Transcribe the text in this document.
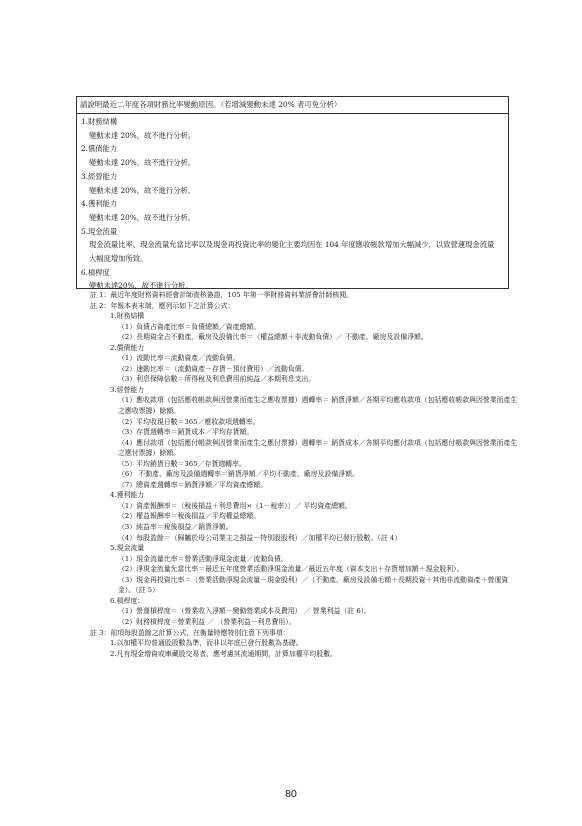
請說明最近二年度各項財務比率變動原因。（若增減變動未達 20% 者可免分析）
1.財務結構
變動未達 20%，故不進行分析。
2.償債能力
變動未達 20%，故不進行分析。
3.經營能力
變動未達 20%，故不進行分析。
4.獲利能力
變動未達 20%，故不進行分析。
5.現金流量
現金流量比率、現金流量允當比率以及現金再投資比率的變化主要均因在 104 年度應收帳款增加大幅減少，以致營運現金流量大幅度增加所致。
6.槓桿度
變動未達20%，故不進行分析。
註 1：最近年度財務資料經會計師查核簽證，105 年第一季財務資料業經會計師核閱。
註 2：年報本表末端，應列示如下之計算公式：
1.財務結構
（1）負債占資產比率＝負債總額／資產總額。
（2）長期資金占不動產、廠房及設備比率＝（權益總額＋非流動負債）／ 不動產、廠房及設備淨額。
2.償債能力
（1）流動比率＝流動資產／流動負債。
（2）速動比率＝（流動資產－存貨－預付費用）／流動負債。
（3）利息保障倍數＝所得稅及利息費用前純益／本期利息支出。
3.經營能力
（1）應收款項（包括應收帳款與因營業而產生之應收票據）週轉率＝ 銷貨淨額／各期平均應收款項（包括應收帳款與因營業而產生之應收票據）餘額。
（2）平均收現日數＝365／應收款項週轉率。
（3）存貨週轉率＝銷貨成本／平均存貨額。
（4）應付款項（包括應付帳款與因營業而產生之應付票據）週轉率＝ 銷貨成本／各期平均應付款項（包括應付帳款與因營業而產生之應付票據）餘額。
（5）平均銷貨日數＝365／存貨週轉率。
（6） 不動產、廠房及設備週轉率＝銷貨淨額／平均不動產、廠房及設備淨額。
（7）總資產週轉率＝銷貨淨額／平均資產總額。
4.獲利能力
（1）資產報酬率＝〔稅後損益＋利息費用×（1－稅率）〕／ 平均資產總額。
（2）權益報酬率＝稅後損益／平均權益總額。
（3）純益率＝稅後損益／銷貨淨額。
（4）每股盈餘＝（歸屬於母公司業主之損益－特別股股利）／加權平均已發行股數。（註 4）
5.現金流量
（1）現金流量比率＝營業活動淨現金流量／流動負債。
（2）淨現金流量允當比率＝最近五年度營業活動淨現金流量／最近五年度（資本支出＋存貨增加額＋現金股利）。
（3）現金再投資比率＝（營業活動淨現金流量－現金股利）／（不動產、廠房及設備毛額＋長期投資＋其他非流動資產＋營運資金）。（註 5）
6.槓桿度：
（1）營運槓桿度＝（營業收入淨額－變動營業成本及費用） ／ 營業利益（註 6）。
（2）財務槓桿度＝營業利益 ／ （營業利益－利息費用）。
註 3：前項每股盈餘之計算公式，在衡量時應特別注意下列事項：
1.以加權平均普通股股數為準，而非以年底已發行股數為基礎。
2.凡有現金增資或庫藏股交易者，應考慮其流通期間，計算加權平均股數。
80
